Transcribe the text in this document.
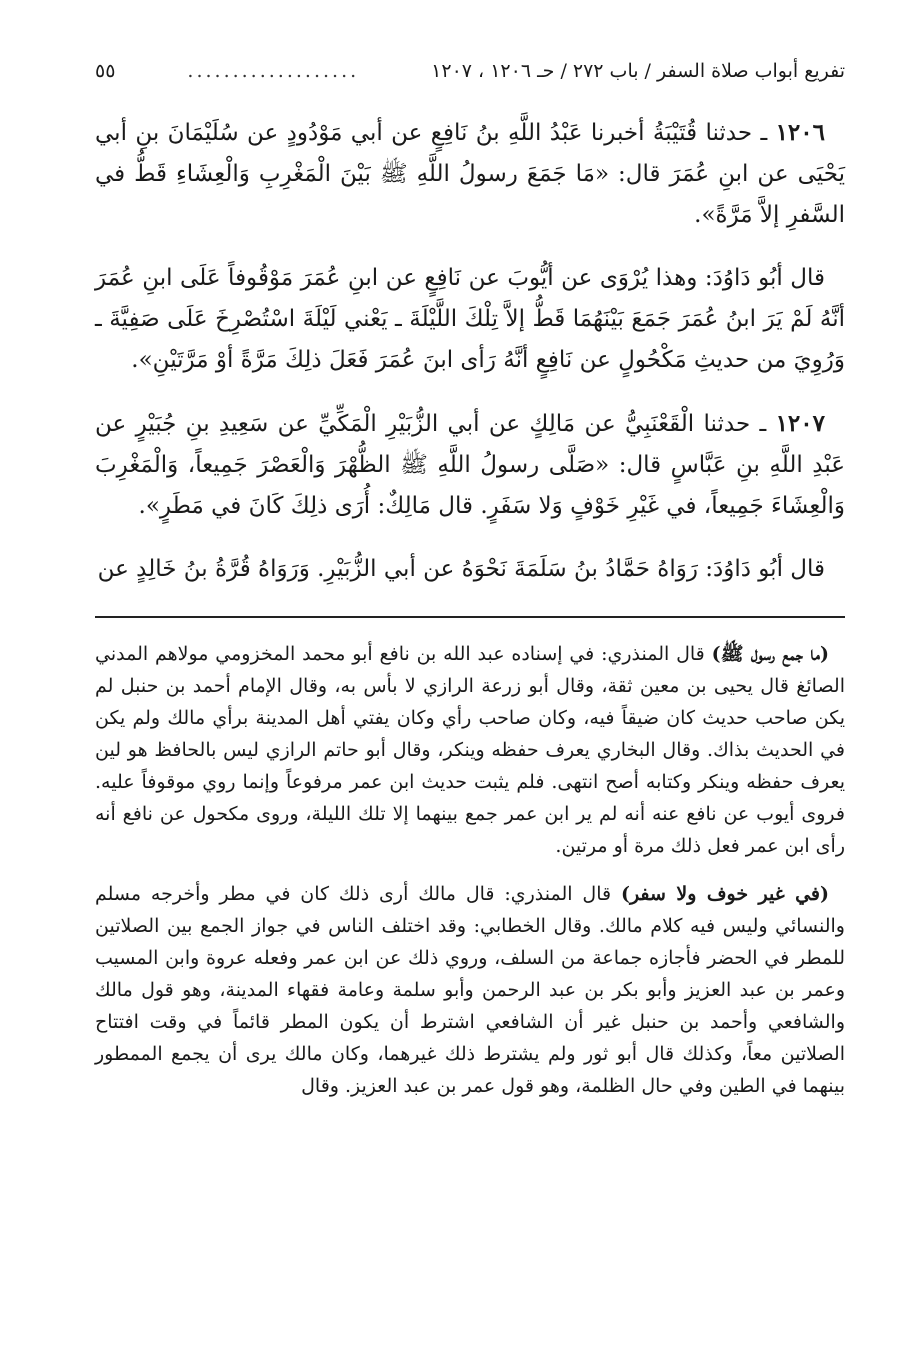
تفريع أبواب صلاة السفر / باب ٢٧٢ / حـ ١٢٠٦ ، ١٢٠٧
...................
٥٥

١٢٠٦ ـ حدثنا قُتَيْبَةُ أخبرنا عَبْدُ اللَّهِ بنُ نَافِعٍ عن أبي مَوْدُودٍ عن سُلَيْمَانَ بنِ أبي يَحْيَى عن ابنِ عُمَرَ قال: «مَا جَمَعَ رسولُ اللَّهِ ﷺ بَيْنَ الْمَغْرِبِ وَالْعِشَاءِ قَطُّ في السَّفرِ إلاَّ مَرَّةً».

قال أبُو دَاوُدَ: وهذا يُرْوَى عن أيُّوبَ عن نَافِعٍ عن ابنِ عُمَرَ مَوْقُوفاً عَلَى ابنِ عُمَرَ أنَّهُ لَمْ يَرَ ابنُ عُمَرَ جَمَعَ بَيْنَهُمَا قَطُّ إلاَّ تِلْكَ اللَّيْلَةَ ـ يَعْني لَيْلَةَ اسْتُصْرِخَ عَلَى صَفِيَّةَ ـ وَرُوِيَ من حديثِ مَكْحُولٍ عن نَافِعٍ أنَّهُ رَأى ابنَ عُمَرَ فَعَلَ ذلِكَ مَرَّةً أوْ مَرَّتَيْنِ».

١٢٠٧ ـ حدثنا الْقَعْنَبِيُّ عن مَالِكٍ عن أبي الزُّبَيْرِ الْمَكِّيِّ عن سَعِيدِ بنِ جُبَيْرٍ عن عَبْدِ اللَّهِ بنِ عَبَّاسٍ قال: «صَلَّى رسولُ اللَّهِ ﷺ الظُّهْرَ وَالْعَصْرَ جَمِيعاً، وَالْمَغْرِبَ وَالْعِشَاءَ جَمِيعاً، في غَيْرِ خَوْفٍ وَلا سَفَرٍ. قال مَالِكٌ: أُرَى ذلِكَ كَانَ في مَطَرٍ».

قال أبُو دَاوُدَ: رَوَاهُ حَمَّادُ بنُ سَلَمَةَ نَحْوَهُ عن أبي الزُّبَيْرِ. وَرَوَاهُ قُرَّةُ بنُ خَالِدٍ عن

(ما جمع رسول ﷺ) قال المنذري: في إسناده عبد الله بن نافع أبو محمد المخزومي مولاهم المدني الصائغ قال يحيى بن معين ثقة، وقال أبو زرعة الرازي لا بأس به، وقال الإمام أحمد بن حنبل لم يكن صاحب حديث كان ضيقاً فيه، وكان صاحب رأي وكان يفتي أهل المدينة برأي مالك ولم يكن في الحديث بذاك. وقال البخاري يعرف حفظه وينكر، وقال أبو حاتم الرازي ليس بالحافظ هو لين يعرف حفظه وينكر وكتابه أصح انتهى. فلم يثبت حديث ابن عمر مرفوعاً وإنما روي موقوفاً عليه. فروى أيوب عن نافع عنه أنه لم ير ابن عمر جمع بينهما إلا تلك الليلة، وروى مكحول عن نافع أنه رأى ابن عمر فعل ذلك مرة أو مرتين.

(في غير خوف ولا سفر) قال المنذري: قال مالك أرى ذلك كان في مطر وأخرجه مسلم والنسائي وليس فيه كلام مالك. وقال الخطابي: وقد اختلف الناس في جواز الجمع بين الصلاتين للمطر في الحضر فأجازه جماعة من السلف، وروي ذلك عن ابن عمر وفعله عروة وابن المسيب وعمر بن عبد العزيز وأبو بكر بن عبد الرحمن وأبو سلمة وعامة فقهاء المدينة، وهو قول مالك والشافعي وأحمد بن حنبل غير أن الشافعي اشترط أن يكون المطر قائماً في وقت افتتاح الصلاتين معاً، وكذلك قال أبو ثور ولم يشترط ذلك غيرهما، وكان مالك يرى أن يجمع الممطور بينهما في الطين وفي حال الظلمة، وهو قول عمر بن عبد العزيز. وقال
